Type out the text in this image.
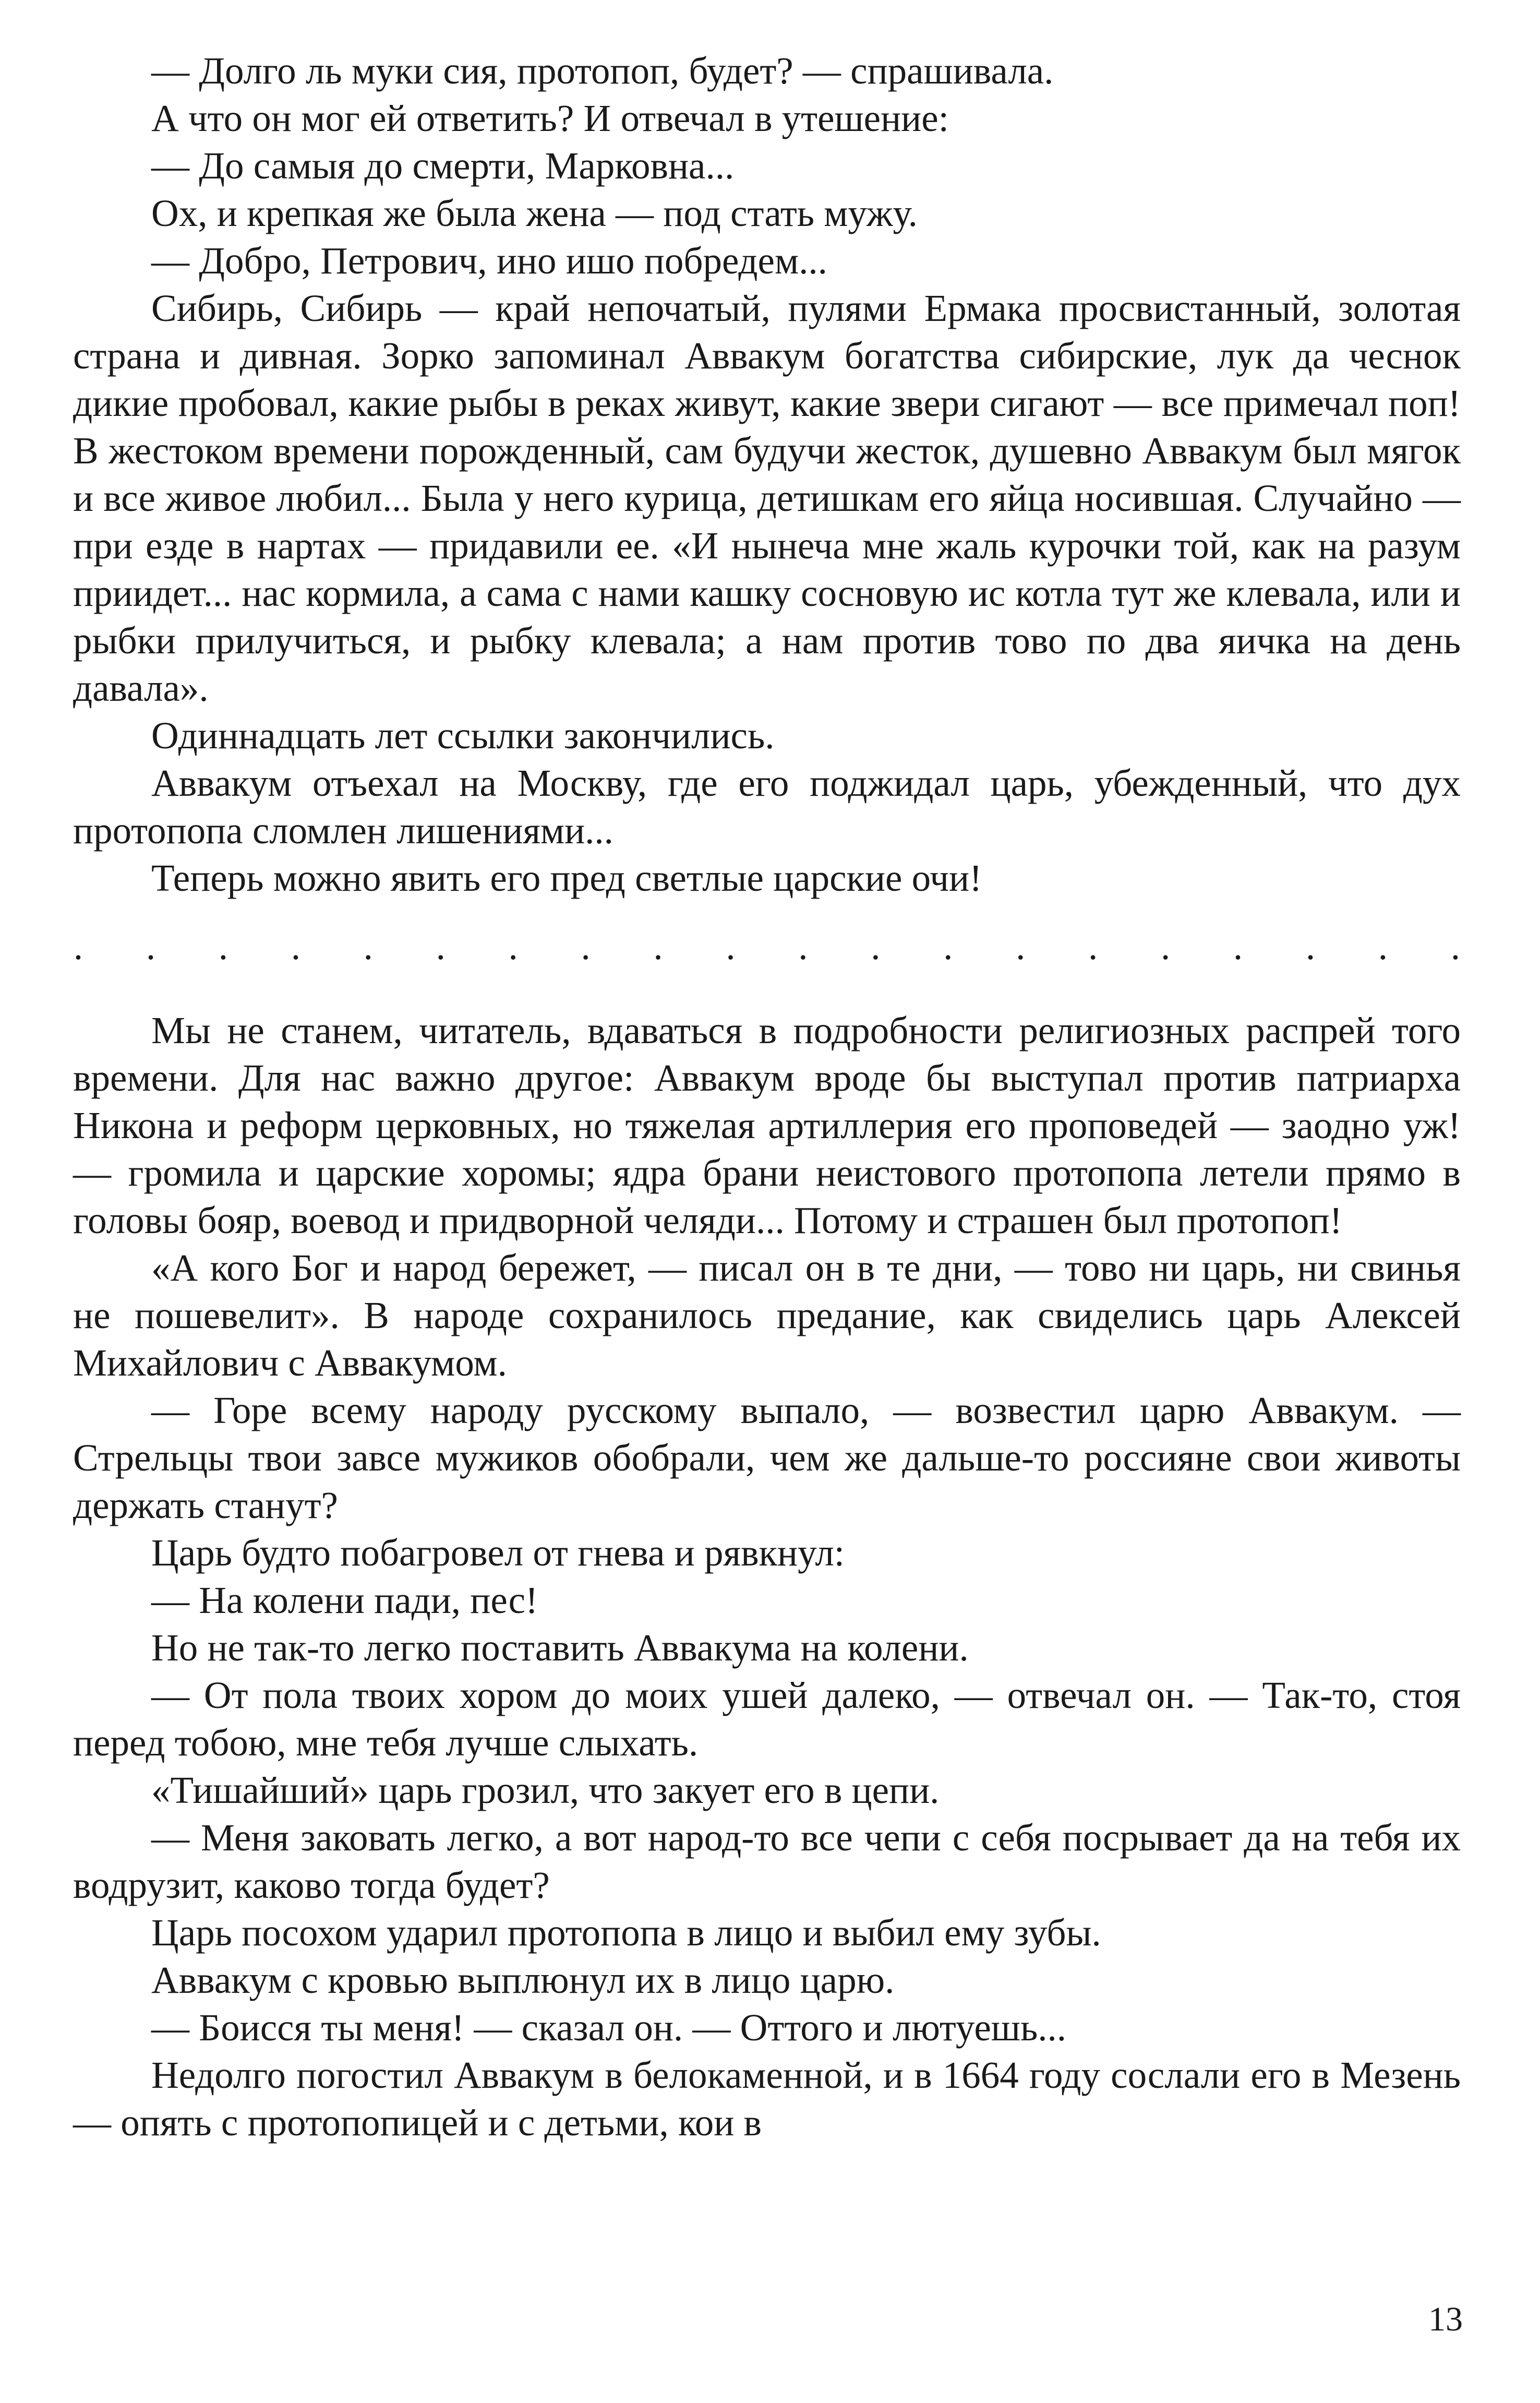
— Долго ль муки сия, протопоп, будет? — спрашивала.

А что он мог ей ответить? И отвечал в утешение:

— До самыя до смерти, Марковна...

Ох, и крепкая же была жена — под стать мужу.

— Добро, Петрович, ино ишо побредем...

Сибирь, Сибирь — край непочатый, пулями Ермака просвистанный, золотая страна и дивная. Зорко запоминал Аввакум богатства сибирские, лук да чеснок дикие пробовал, какие рыбы в реках живут, какие звери сигают — все примечал поп! В жестоком времени порожденный, сам будучи жесток, душевно Аввакум был мягок и все живое любил... Была у него курица, детишкам его яйца носившая. Случайно — при езде в нартах — придавили ее. «И нынеча мне жаль курочки той, как на разум приидет... нас кормила, а сама с нами кашку сосновую ис котла тут же клевала, или и рыбки прилучиться, и рыбку клевала; а нам против тово по два яичка на день давала».

Одиннадцать лет ссылки закончились.

Аввакум отъехал на Москву, где его поджидал царь, убежденный, что дух протопопа сломлен лишениями...

Теперь можно явить его пред светлые царские очи!

. . . . . . . . . . . . . . . . . . . .

Мы не станем, читатель, вдаваться в подробности религиозных распрей того времени. Для нас важно другое: Аввакум вроде бы выступал против патриарха Никона и реформ церковных, но тяжелая артиллерия его проповедей — заодно уж! — громила и царские хоромы; ядра брани неистового протопопа летели прямо в головы бояр, воевод и придворной челяди... Потому и страшен был протопоп!

«А кого Бог и народ бережет, — писал он в те дни, — тово ни царь, ни свинья не пошевелит». В народе сохранилось предание, как свиделись царь Алексей Михайлович с Аввакумом.

— Горе всему народу русскому выпало, — возвестил царю Аввакум. — Стрельцы твои завсе мужиков обобрали, чем же дальше-то россияне свои животы держать станут?

Царь будто побагровел от гнева и рявкнул:

— На колени пади, пес!

Но не так-то легко поставить Аввакума на колени.

— От пола твоих хором до моих ушей далеко, — отвечал он. — Так-то, стоя перед тобою, мне тебя лучше слыхать.

«Тишайший» царь грозил, что закует его в цепи.

— Меня заковать легко, а вот народ-то все чепи с себя посрывает да на тебя их водрузит, каково тогда будет?

Царь посохом ударил протопопа в лицо и выбил ему зубы.

Аввакум с кровью выплюнул их в лицо царю.

— Боисся ты меня! — сказал он. — Оттого и лютуешь...

Недолго погостил Аввакум в белокаменной, и в 1664 году сослали его в Мезень — опять с протопопицей и с детьми, кои в

13
